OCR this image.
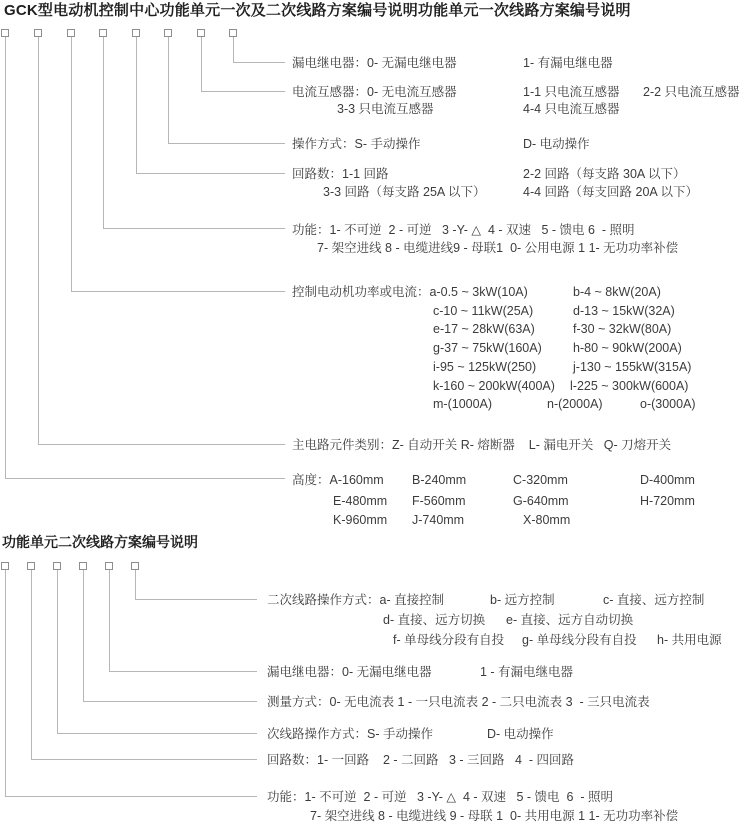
GCK型电动机控制中心功能单元一次及二次线路方案编号说明功能单元一次线路方案编号说明
漏电继电器：0- 无漏电继电器	1- 有漏电继电器
电流互感器：0- 无电流互感器	1-1 只电流互感器 2-2 只电流互感器
3-3 只电流互感器	4-4 只电流互感器
操作方式：S- 手动操作	D- 电动操作
回路数：1-1 回路	2-2 回路（每支路 30A 以下）
3-3 回路（每支路 25A 以下）	4-4 回路（每支回路 20A 以下）
功能：1- 不可逆  2 - 可逆   3 -Y- △  4 - 双速   5 - 馈电 6  - 照明
7- 架空进线 8 - 电缆进线9 - 母联1  0- 公用电源 1 1- 无功功率补偿
控制电动机功率或电流：a-0.5 ~ 3kW(10A)	b-4 ~ 8kW(20A)
c-10 ~ 11kW(25A)	d-13 ~ 15kW(32A)
e-17 ~ 28kW(63A)	f-30 ~ 32kW(80A)
g-37 ~ 75kW(160A)	h-80 ~ 90kW(200A)
i-95 ~ 125kW(250)	j-130 ~ 155kW(315A)
k-160 ~ 200kW(400A) l-225 ~ 300kW(600A)
m-(1000A)	n-(2000A)	o-(3000A)
主电路元件类别：Z- 自动开关 R- 熔断器    L- 漏电开关   Q- 刀熔开关
高度：A-160mm B-240mm	C-320mm	D-400mm
E-480mm F-560mm	G-640mm	H-720mm
K-960mm J-740mm	X-80mm
功能单元二次线路方案编号说明
二次线路操作方式：a- 直接控制	b- 远方控制	c- 直接、远方控制
d- 直接、远方切换 e- 直接、远方自动切换
f- 单母线分段有自投 g- 单母线分段有自投 h- 共用电源
漏电继电器：0- 无漏电继电器	1 - 有漏电继电器
测量方式：0- 无电流表 1 - 一只电流表 2 - 二只电流表 3  - 三只电流表
次线路操作方式：S- 手动操作	D- 电动操作
回路数：1- 一回路    2 - 二回路   3 - 三回路   4  - 四回路
功能：1- 不可逆  2 - 可逆   3 -Y- △  4 - 双速   5 - 馈电  6  - 照明
7- 架空进线 8 - 电缆进线 9 - 母联 1  0- 共用电源 1 1- 无功功率补偿
